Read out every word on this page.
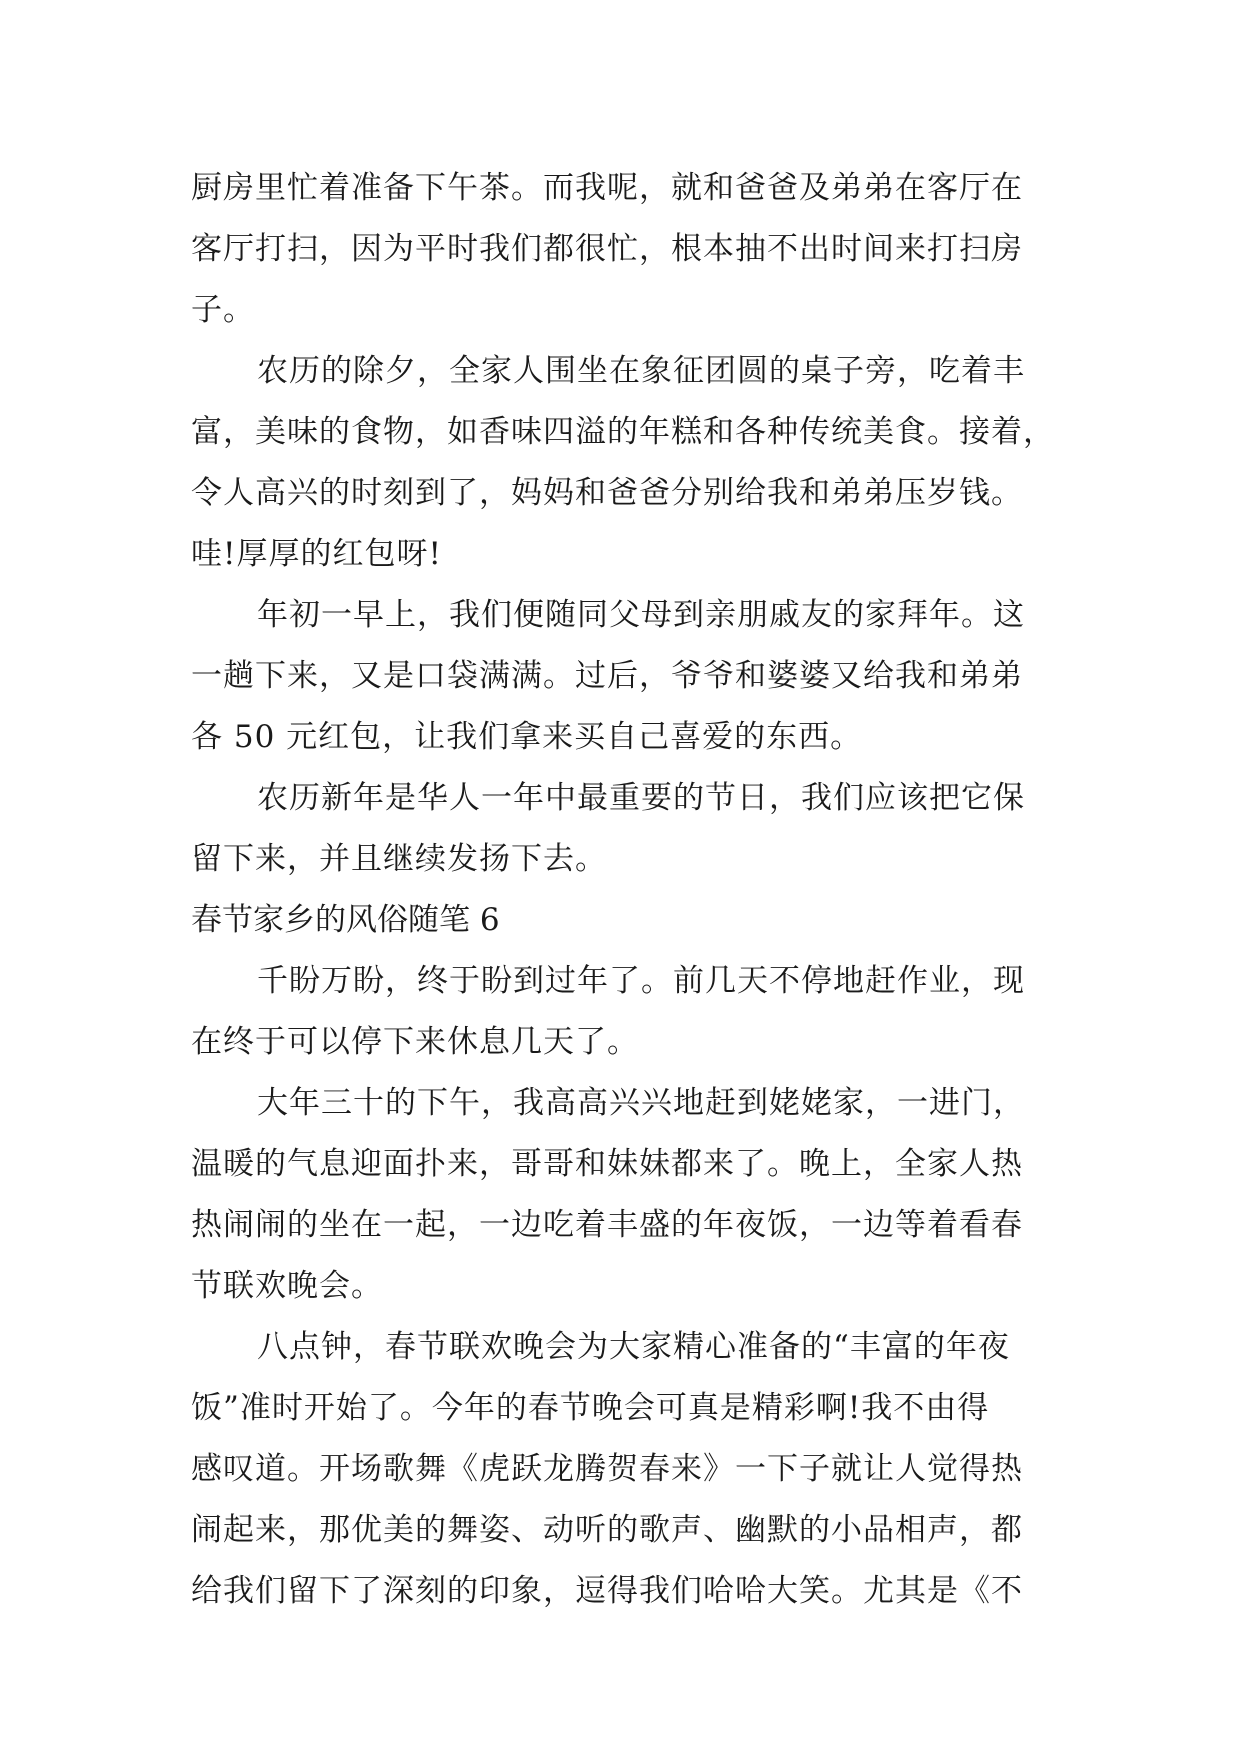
厨房里忙着准备下午茶。而我呢，就和爸爸及弟弟在客厅在
客厅打扫，因为平时我们都很忙，根本抽不出时间来打扫房
子。
农历的除夕，全家人围坐在象征团圆的桌子旁，吃着丰
富，美味的食物，如香味四溢的年糕和各种传统美食。接着，
令人高兴的时刻到了，妈妈和爸爸分别给我和弟弟压岁钱。
哇!厚厚的红包呀!
年初一早上，我们便随同父母到亲朋戚友的家拜年。这
一趟下来，又是口袋满满。过后，爷爷和婆婆又给我和弟弟
各 50 元红包，让我们拿来买自己喜爱的东西。
农历新年是华人一年中最重要的节日，我们应该把它保
留下来，并且继续发扬下去。
春节家乡的风俗随笔 6
千盼万盼，终于盼到过年了。前几天不停地赶作业，现
在终于可以停下来休息几天了。
大年三十的下午，我高高兴兴地赶到姥姥家，一进门，
温暖的气息迎面扑来，哥哥和妹妹都来了。晚上，全家人热
热闹闹的坐在一起，一边吃着丰盛的年夜饭，一边等着看春
节联欢晚会。
八点钟，春节联欢晚会为大家精心准备的“丰富的年夜
饭”准时开始了。今年的春节晚会可真是精彩啊!我不由得
感叹道。开场歌舞《虎跃龙腾贺春来》一下子就让人觉得热
闹起来，那优美的舞姿、动听的歌声、幽默的小品相声，都
给我们留下了深刻的印象，逗得我们哈哈大笑。尤其是《不
